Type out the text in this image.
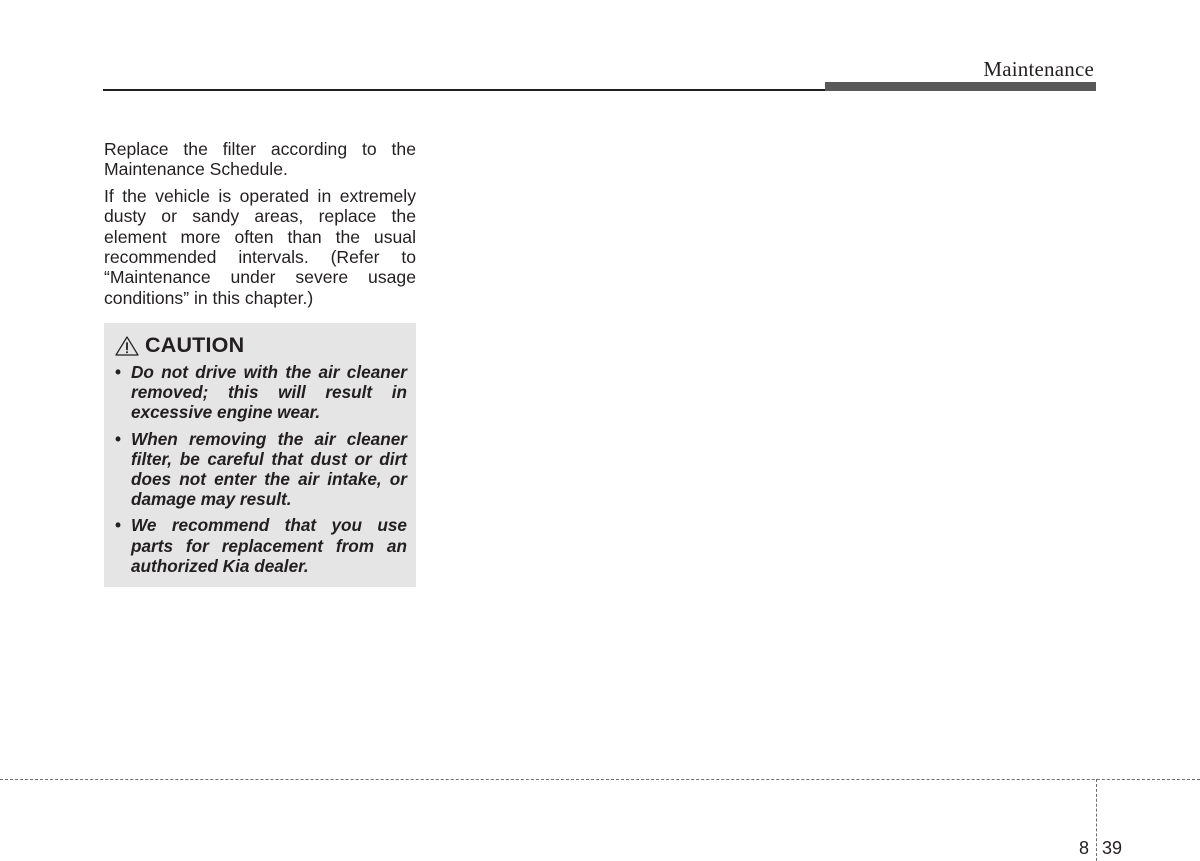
Maintenance

Replace the filter according to the Maintenance Schedule.

If the vehicle is operated in extremely dusty or sandy areas, replace the element more often than the usual recommended intervals. (Refer to “Maintenance under severe usage conditions” in this chapter.)

CAUTION
• Do not drive with the air cleaner removed; this will result in excessive engine wear.
• When removing the air cleaner filter, be careful that dust or dirt does not enter the air intake, or damage may result.
• We recommend that you use parts for replacement from an authorized Kia dealer.
8 39
